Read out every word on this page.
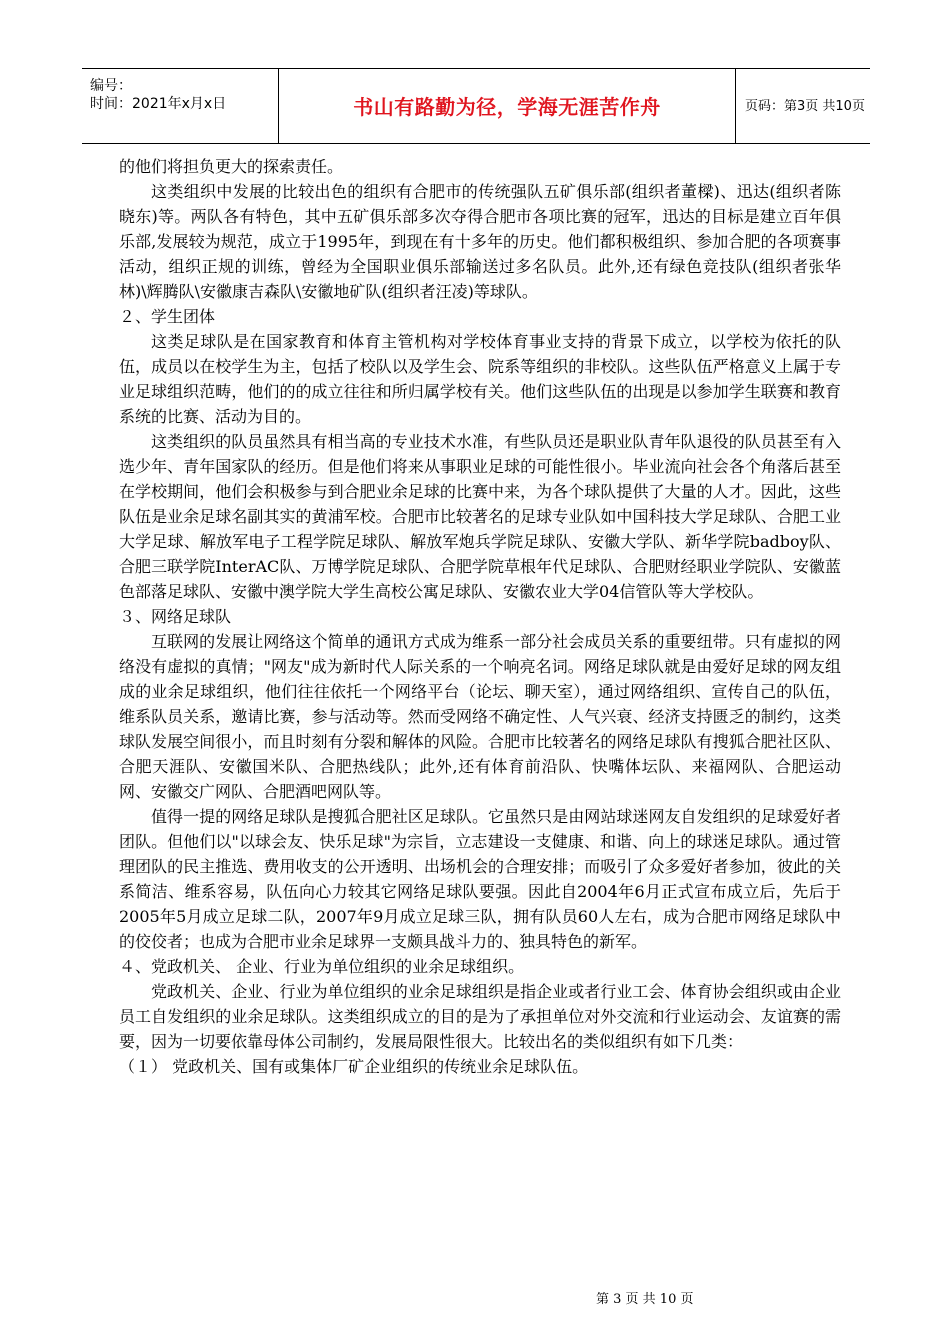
编号：
时间：2021年x月x日	书山有路勤为径，学海无涯苦作舟	页码：第3页 共10页

的他们将担负更大的探索责任。

这类组织中发展的比较出色的组织有合肥市的传统强队五矿俱乐部(组织者董樑)、迅达(组织者陈晓东)等。两队各有特色，其中五矿俱乐部多次夺得合肥市各项比赛的冠军，迅达的目标是建立百年俱乐部,发展较为规范，成立于1995年，到现在有十多年的历史。他们都积极组织、参加合肥的各项赛事活动，组织正规的训练，曾经为全国职业俱乐部输送过多名队员。此外,还有绿色竞技队(组织者张华林)\辉腾队\安徽康吉森队\安徽地矿队(组织者汪凌)等球队。

２、学生团体

这类足球队是在国家教育和体育主管机构对学校体育事业支持的背景下成立，以学校为依托的队伍，成员以在校学生为主，包括了校队以及学生会、院系等组织的非校队。这些队伍严格意义上属于专业足球组织范畴，他们的的成立往往和所归属学校有关。他们这些队伍的出现是以参加学生联赛和教育系统的比赛、活动为目的。

这类组织的队员虽然具有相当高的专业技术水准，有些队员还是职业队青年队退役的队员甚至有入选少年、青年国家队的经历。但是他们将来从事职业足球的可能性很小。毕业流向社会各个角落后甚至在学校期间，他们会积极参与到合肥业余足球的比赛中来，为各个球队提供了大量的人才。因此，这些队伍是业余足球名副其实的黄浦军校。合肥市比较著名的足球专业队如中国科技大学足球队、合肥工业大学足球、解放军电子工程学院足球队、解放军炮兵学院足球队、安徽大学队、新华学院badboy队、合肥三联学院InterAC队、万博学院足球队、合肥学院草根年代足球队、合肥财经职业学院队、安徽蓝色部落足球队、安徽中澳学院大学生高校公寓足球队、安徽农业大学04信管队等大学校队。

３、网络足球队

互联网的发展让网络这个简单的通讯方式成为维系一部分社会成员关系的重要纽带。只有虚拟的网络没有虚拟的真情；"网友"成为新时代人际关系的一个响亮名词。网络足球队就是由爱好足球的网友组成的业余足球组织，他们往往依托一个网络平台（论坛、聊天室），通过网络组织、宣传自己的队伍，维系队员关系，邀请比赛，参与活动等。然而受网络不确定性、人气兴衰、经济支持匮乏的制约，这类球队发展空间很小，而且时刻有分裂和解体的风险。合肥市比较著名的网络足球队有搜狐合肥社区队、合肥天涯队、安徽国米队、合肥热线队；此外,还有体育前沿队、快嘴体坛队、来福网队、合肥运动网、安徽交广网队、合肥酒吧网队等。

值得一提的网络足球队是搜狐合肥社区足球队。它虽然只是由网站球迷网友自发组织的足球爱好者团队。但他们以"以球会友、快乐足球"为宗旨，立志建设一支健康、和谐、向上的球迷足球队。通过管理团队的民主推选、费用收支的公开透明、出场机会的合理安排；而吸引了众多爱好者参加，彼此的关系简洁、维系容易，队伍向心力较其它网络足球队要强。因此自2004年6月正式宣布成立后，先后于2005年5月成立足球二队，2007年9月成立足球三队，拥有队员60人左右，成为合肥市网络足球队中的佼佼者；也成为合肥市业余足球界一支颇具战斗力的、独具特色的新军。

４、党政机关、 企业、行业为单位组织的业余足球组织。

党政机关、企业、行业为单位组织的业余足球组织是指企业或者行业工会、体育协会组织或由企业员工自发组织的业余足球队。这类组织成立的目的是为了承担单位对外交流和行业运动会、友谊赛的需要，因为一切要依靠母体公司制约，发展局限性很大。比较出名的类似组织有如下几类：

（１） 党政机关、国有或集体厂矿企业组织的传统业余足球队伍。

第 3 页 共 10 页
